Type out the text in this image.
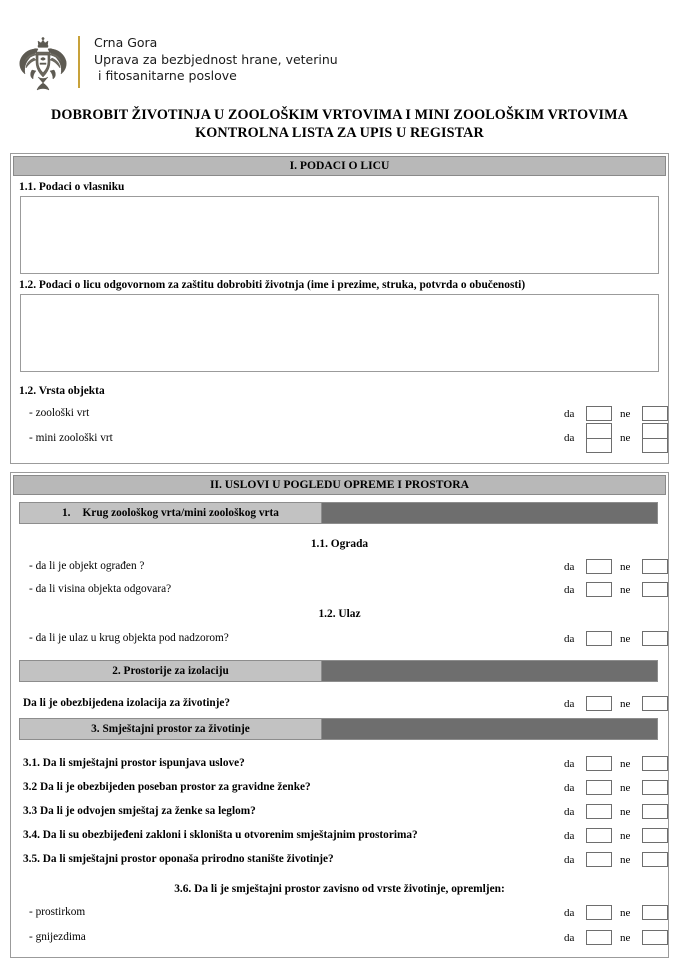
Crna Gora
Uprava za bezbjednost hrane, veterinu
i fitosanitarne poslove
DOBROBIT ŽIVOTINJA U ZOOLOŠKIM VRTOVIMA I MINI ZOOLOŠKIM VRTOVIMA
KONTROLNA LISTA ZA UPIS U REGISTAR
I. PODACI O LICU
1.1. Podaci o vlasniku
1.2. Podaci o licu odgovornom za zaštitu dobrobiti životnja (ime i prezime, struka, potvrda o obučenosti)
1.2. Vrsta objekta
- zoološki vrt	da	ne
- mini zoološki vrt	da	ne
II. USLOVI U POGLEDU OPREME I PROSTORA
1.	Krug zoološkog vrta/mini zoološkog vrta
1.1. Ograda
- da li je objekt ograđen ?	da	ne
- da li visina objekta odgovara?	da	ne
1.2. Ulaz
- da li je ulaz u krug objekta pod nadzorom?	da	ne
2. Prostorije za izolaciju
Da li je obezbijedena izolacija za životinje?	da	ne
3. Smještajni prostor za životinje
3.1. Da li smještajni prostor ispunjava uslove?	da	ne
3.2 Da li je obezbijeden poseban prostor za gravidne ženke?	da	ne
3.3 Da li je odvojen smještaj za ženke sa leglom?	da	ne
3.4. Da li su obezbijeđeni zakloni i skloništa u otvorenim smještajnim prostorima?	da	ne
3.5. Da li smještajni prostor oponaša prirodno stanište životinje?	da	ne
3.6. Da li je smještajni prostor zavisno od vrste životinje, opremljen:
- prostirkom	da	ne
- gnijezdima	da	ne
